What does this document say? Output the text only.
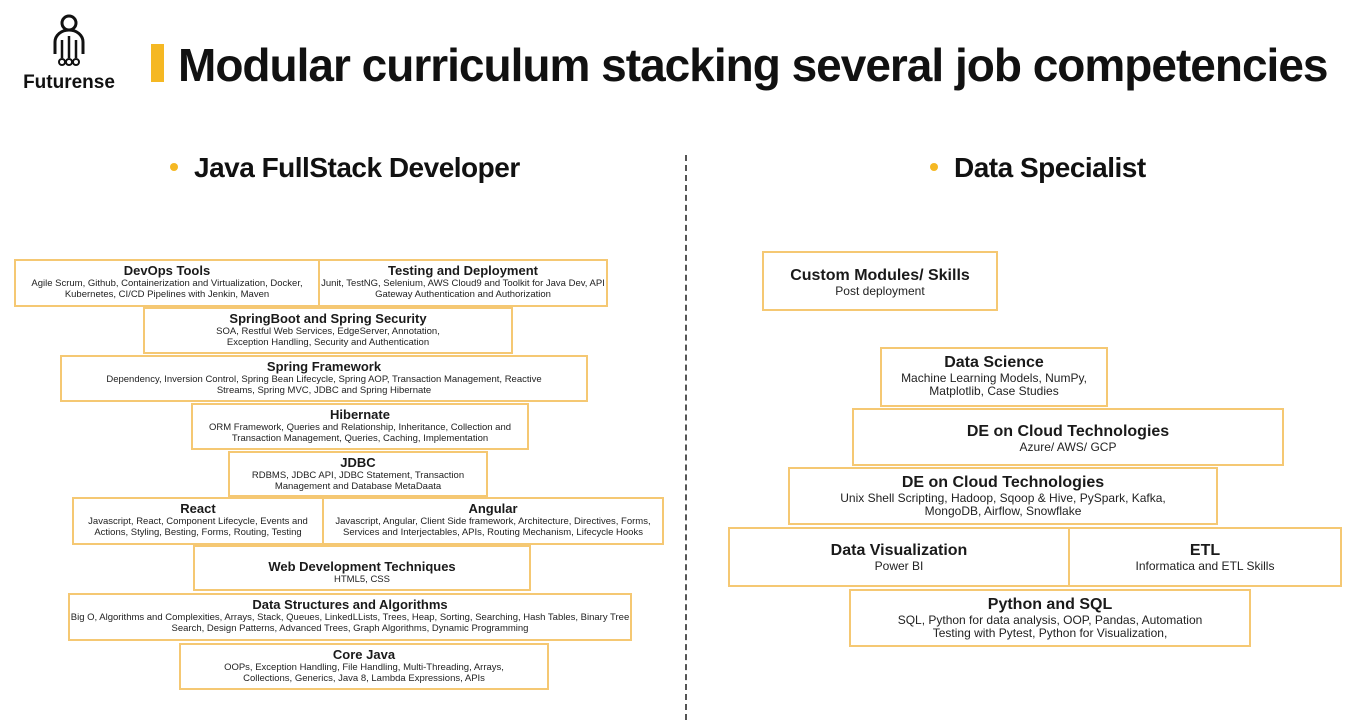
Futurense Modular curriculum stacking several job competencies
Java FullStack Developer	Data Specialist
DevOps Tools
Agile Scrum, Github, Containerization and Virtualization, Docker, Kubernetes, CI/CD Pipelines with Jenkin, Maven
Testing and Deployment
Junit, TestNG, Selenium, AWS Cloud9 and Toolkit for Java Dev, API Gateway Authentication and Authorization
SpringBoot and Spring Security
SOA, Restful Web Services, EdgeServer, Annotation, Exception Handling, Security and Authentication
Spring Framework
Dependency, Inversion Control, Spring Bean Lifecycle, Spring AOP, Transaction Management, Reactive Streams, Spring MVC, JDBC and Spring Hibernate
Hibernate
ORM Framework, Queries and Relationship, Inheritance, Collection and Transaction Management, Queries, Caching, Implementation
JDBC
RDBMS, JDBC API, JDBC Statement, Transaction Management and Database MetaDaata
React
Javascript, React, Component Lifecycle, Events and Actions, Styling, Besting, Forms, Routing, Testing
Angular
Javascript, Angular, Client Side framework, Architecture, Directives, Forms, Services and Interjectables, APIs, Routing Mechanism, Lifecycle Hooks
Web Development Techniques
HTML5, CSS
Data Structures and Algorithms
Big O, Algorithms and Complexities, Arrays, Stack, Queues, LinkedLLists, Trees, Heap, Sorting, Searching, Hash Tables, Binary Tree Search, Design Patterns, Advanced Trees, Graph Algorithms, Dynamic Programming
Core Java
OOPs, Exception Handling, File Handling, Multi-Threading, Arrays, Collections, Generics, Java 8, Lambda Expressions, APIs
Custom Modules/ Skills
Post deployment
Data Science
Machine Learning Models, NumPy, Matplotlib, Case Studies
DE on Cloud Technologies
Azure/ AWS/ GCP
DE on Cloud Technologies
Unix Shell Scripting, Hadoop, Sqoop & Hive, PySpark, Kafka, MongoDB, Airflow, Snowflake
Data Visualization
Power BI
ETL
Informatica and ETL Skills
Python and SQL
SQL, Python for data analysis, OOP, Pandas, Automation Testing with Pytest, Python for Visualization,
